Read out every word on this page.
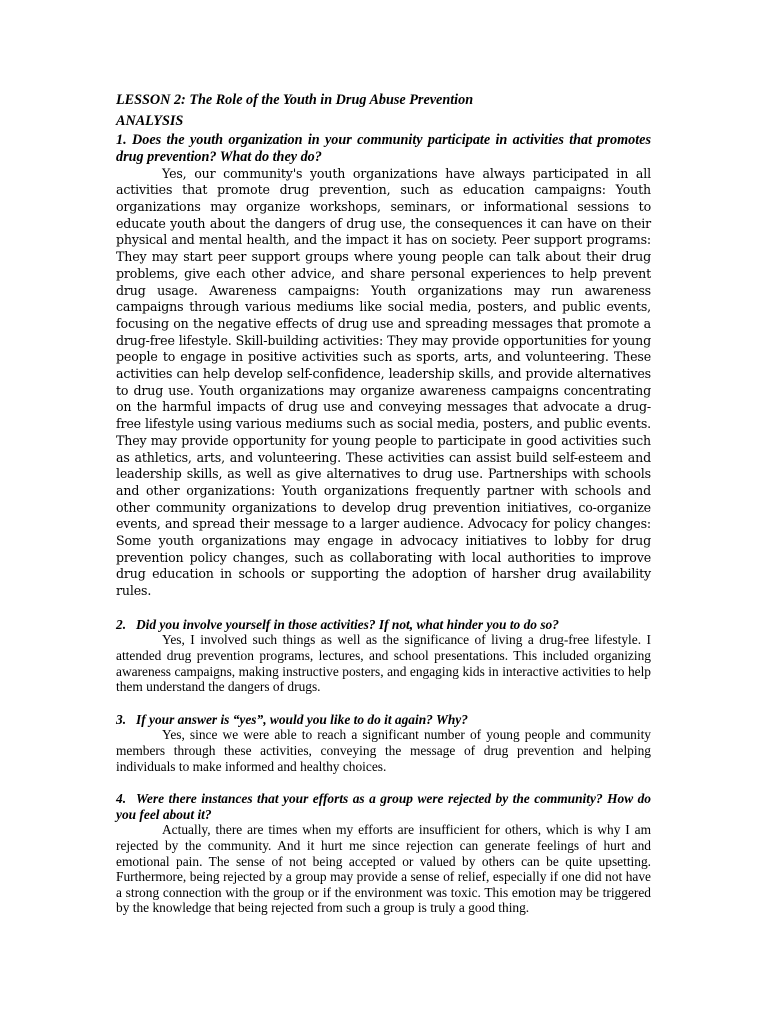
LESSON 2: The Role of the Youth in Drug Abuse Prevention

ANALYSIS

1. Does the youth organization in your community participate in activities that promotes drug prevention? What do they do?

Yes, our community's youth organizations have always participated in all activities that promote drug prevention, such as education campaigns: Youth organizations may organize workshops, seminars, or informational sessions to educate youth about the dangers of drug use, the consequences it can have on their physical and mental health, and the impact it has on society. Peer support programs: They may start peer support groups where young people can talk about their drug problems, give each other advice, and share personal experiences to help prevent drug usage. Awareness campaigns: Youth organizations may run awareness campaigns through various mediums like social media, posters, and public events, focusing on the negative effects of drug use and spreading messages that promote a drug-free lifestyle. Skill-building activities: They may provide opportunities for young people to engage in positive activities such as sports, arts, and volunteering. These activities can help develop self-confidence, leadership skills, and provide alternatives to drug use. Youth organizations may organize awareness campaigns concentrating on the harmful impacts of drug use and conveying messages that advocate a drug-free lifestyle using various mediums such as social media, posters, and public events. They may provide opportunity for young people to participate in good activities such as athletics, arts, and volunteering. These activities can assist build self-esteem and leadership skills, as well as give alternatives to drug use. Partnerships with schools and other organizations: Youth organizations frequently partner with schools and other community organizations to develop drug prevention initiatives, co-organize events, and spread their message to a larger audience. Advocacy for policy changes: Some youth organizations may engage in advocacy initiatives to lobby for drug prevention policy changes, such as collaborating with local authorities to improve drug education in schools or supporting the adoption of harsher drug availability rules.

2. Did you involve yourself in those activities? If not, what hinder you to do so?

Yes, I involved such things as well as the significance of living a drug-free lifestyle. I attended drug prevention programs, lectures, and school presentations. This included organizing awareness campaigns, making instructive posters, and engaging kids in interactive activities to help them understand the dangers of drugs.

3. If your answer is “yes”, would you like to do it again? Why?

Yes, since we were able to reach a significant number of young people and community members through these activities, conveying the message of drug prevention and helping individuals to make informed and healthy choices.

4. Were there instances that your efforts as a group were rejected by the community? How do you feel about it?

Actually, there are times when my efforts are insufficient for others, which is why I am rejected by the community. And it hurt me since rejection can generate feelings of hurt and emotional pain. The sense of not being accepted or valued by others can be quite upsetting. Furthermore, being rejected by a group may provide a sense of relief, especially if one did not have a strong connection with the group or if the environment was toxic. This emotion may be triggered by the knowledge that being rejected from such a group is truly a good thing.
